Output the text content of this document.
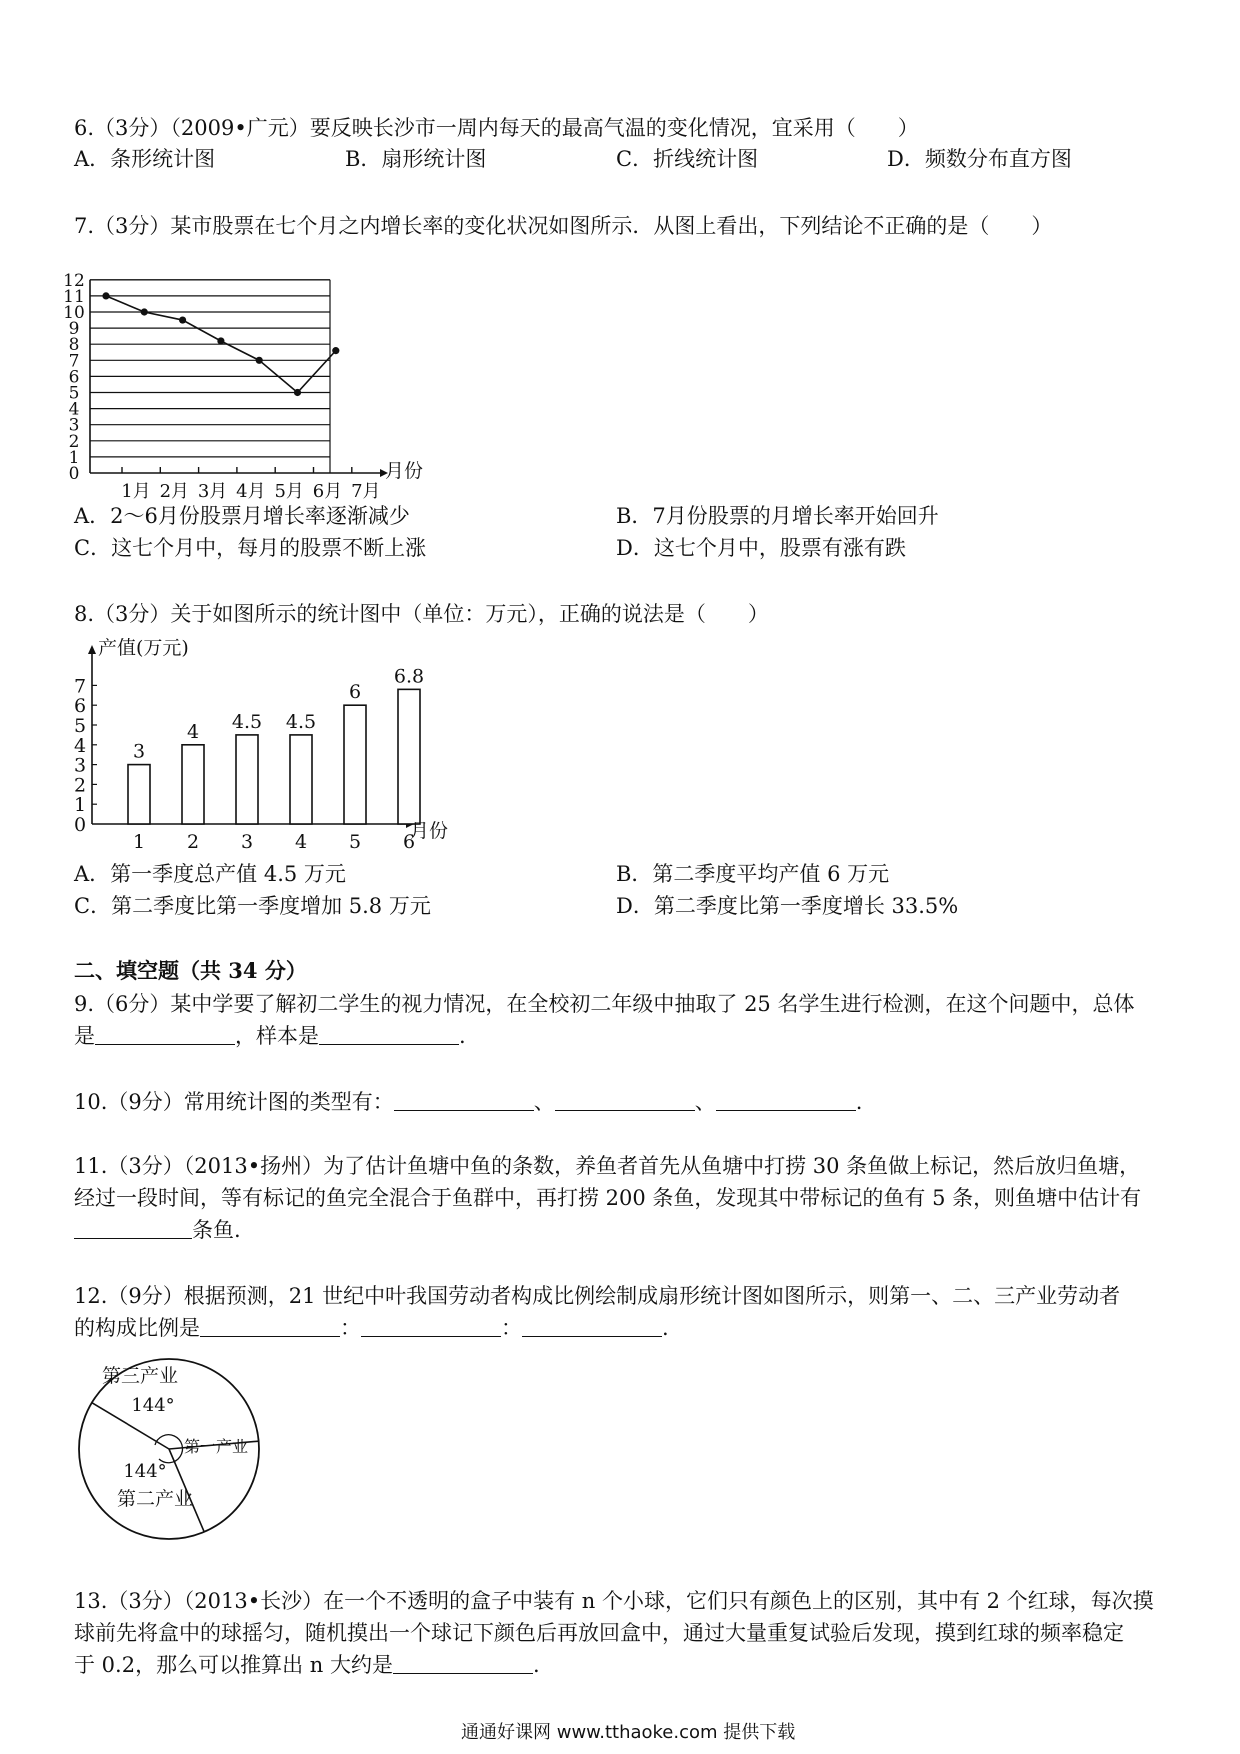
6.（3分）（2009•广元）要反映长沙市一周内每天的最高气温的变化情况，宜采用（　　）
A．条形统计图	B．扇形统计图	C．折线统计图	D．频数分布直方图
7.（3分）某市股票在七个月之内增长率的变化状况如图所示．从图上看出，下列结论不正确的是（　　）
0
1
2
3
4
5
6
7
8
9
10
11
12
1月 2月 3月 4月 5月 6月 7月
月份
A．2～6月份股票月增长率逐渐减少	B．7月份股票的月增长率开始回升
C．这七个月中，每月的股票不断上涨	D．这七个月中，股票有涨有跌
8.（3分）关于如图所示的统计图中（单位：万元），正确的说法是（　　）
0
1
2
3
4
5
6
7
3
4 4.5 4.5
6
6.8
1 2 3 4 5 6
产值(万元)
月份
A．第一季度总产值 4.5 万元	B．第二季度平均产值 6 万元
C．第二季度比第一季度增加 5.8 万元	D．第二季度比第一季度增长 33.5%
二、填空题（共 34 分）
9.（6分）某中学要了解初二学生的视力情况，在全校初二年级中抽取了 25 名学生进行检测，在这个问题中，总体
是	，样本是	.
10.（9分）常用统计图的类型有：	、	、	.
11.（3分）（2013•扬州）为了估计鱼塘中鱼的条数，养鱼者首先从鱼塘中打捞 30 条鱼做上标记，然后放归鱼塘，
经过一段时间，等有标记的鱼完全混合于鱼群中，再打捞 200 条鱼，发现其中带标记的鱼有 5 条，则鱼塘中估计有
条鱼.
12.（9分）根据预测，21 世纪中叶我国劳动者构成比例绘制成扇形统计图如图所示，则第一、二、三产业劳动者
的构成比例是	：	：	.
第三产业
144°
144°
第二产业
第一产业
13.（3分）（2013•长沙）在一个不透明的盒子中装有 n 个小球，它们只有颜色上的区别，其中有 2 个红球，每次摸
球前先将盒中的球摇匀，随机摸出一个球记下颜色后再放回盒中，通过大量重复试验后发现，摸到红球的频率稳定
于 0.2，那么可以推算出 n 大约是	.
通通好课网 www.tthaoke.com 提供下载
